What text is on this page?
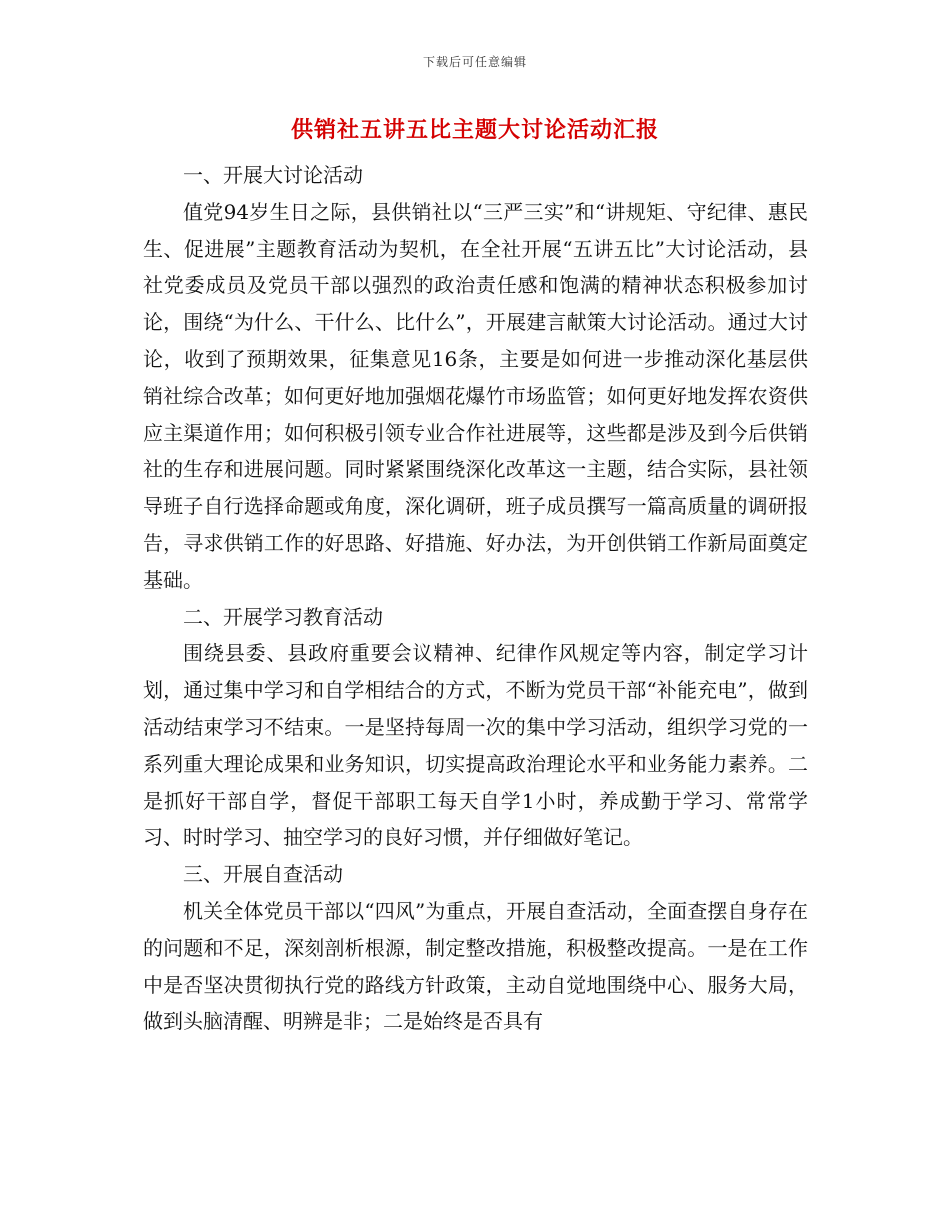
下载后可任意编辑
供销社五讲五比主题大讨论活动汇报

一、开展大讨论活动

值党94岁生日之际，县供销社以“三严三实”和“讲规矩、守纪律、惠民生、促进展”主题教育活动为契机，在全社开展“五讲五比”大讨论活动，县社党委成员及党员干部以强烈的政治责任感和饱满的精神状态积极参加讨论，围绕“为什么、干什么、比什么”，开展建言献策大讨论活动。通过大讨论，收到了预期效果，征集意见16条，主要是如何进一步推动深化基层供销社综合改革；如何更好地加强烟花爆竹市场监管；如何更好地发挥农资供应主渠道作用；如何积极引领专业合作社进展等，这些都是涉及到今后供销社的生存和进展问题。同时紧紧围绕深化改革这一主题，结合实际，县社领导班子自行选择命题或角度，深化调研，班子成员撰写一篇高质量的调研报告，寻求供销工作的好思路、好措施、好办法，为开创供销工作新局面奠定基础。

二、开展学习教育活动

围绕县委、县政府重要会议精神、纪律作风规定等内容，制定学习计划，通过集中学习和自学相结合的方式，不断为党员干部“补能充电”，做到活动结束学习不结束。一是坚持每周一次的集中学习活动，组织学习党的一系列重大理论成果和业务知识，切实提高政治理论水平和业务能力素养。二是抓好干部自学，督促干部职工每天自学1小时，养成勤于学习、常常学习、时时学习、抽空学习的良好习惯，并仔细做好笔记。

三、开展自查活动

机关全体党员干部以“四风”为重点，开展自查活动，全面查摆自身存在的问题和不足，深刻剖析根源，制定整改措施，积极整改提高。一是在工作中是否坚决贯彻执行党的路线方针政策，主动自觉地围绕中心、服务大局，做到头脑清醒、明辨是非；二是始终是否具有
